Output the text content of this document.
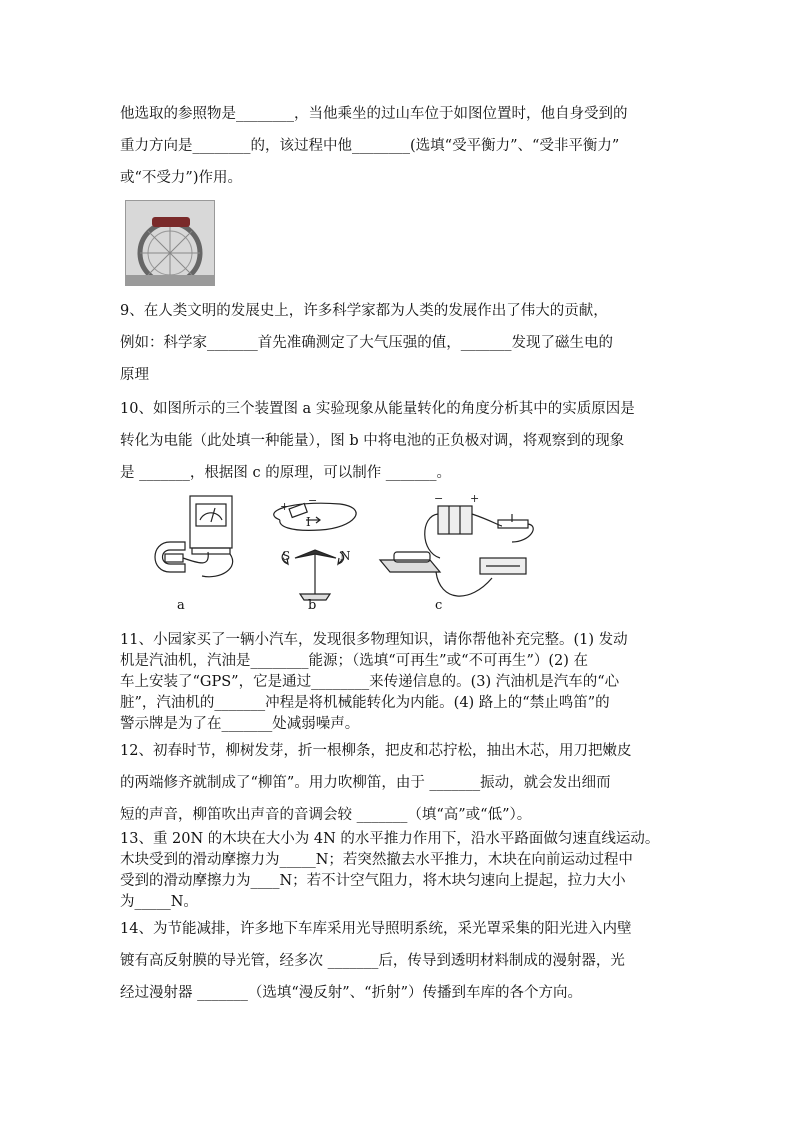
他选取的参照物是________，当他乘坐的过山车位于如图位置时，他自身受到的
重力方向是________的，该过程中他________(选填“受平衡力”、“受非平衡力”
或“不受力”)作用。
9、在人类文明的发展史上，许多科学家都为人类的发展作出了伟大的贡献，
例如：科学家_______首先准确测定了大气压强的值，_______发现了磁生电的
原理
10、如图所示的三个装置图 a 实验现象从能量转化的角度分析其中的实质原因是
转化为电能（此处填一种能量），图 b 中将电池的正负极对调，将观察到的现象
是 _______，根据图 c 的原理，可以制作 _______。
+ −
I
S	N
− +
a	b	c
11、小园家买了一辆小汽车，发现很多物理知识，请你帮他补充完整。(1) 发动
机是汽油机，汽油是________能源；（选填“可再生”或“不可再生”）(2) 在
车上安装了“GPS”，它是通过________来传递信息的。(3) 汽油机是汽车的“心
脏”，汽油机的_______冲程是将机械能转化为内能。(4) 路上的“禁止鸣笛”的
警示牌是为了在_______处减弱噪声。
12、初春时节，柳树发芽，折一根柳条，把皮和芯拧松，抽出木芯，用刀把嫩皮
的两端修齐就制成了“柳笛”。用力吹柳笛，由于 _______振动，就会发出细而
短的声音，柳笛吹出声音的音调会较 _______（填“高”或“低”）。
13、重 20N 的木块在大小为 4N 的水平推力作用下，沿水平路面做匀速直线运动。
木块受到的滑动摩擦力为_____N；若突然撤去水平推力，木块在向前运动过程中
受到的滑动摩擦力为____N；若不计空气阻力，将木块匀速向上提起，拉力大小
为_____N。
14、为节能减排，许多地下车库采用光导照明系统，采光罩采集的阳光进入内壁
镀有高反射膜的导光管，经多次 _______后，传导到透明材料制成的漫射器，光
经过漫射器 _______（选填“漫反射”、“折射”）传播到车库的各个方向。
